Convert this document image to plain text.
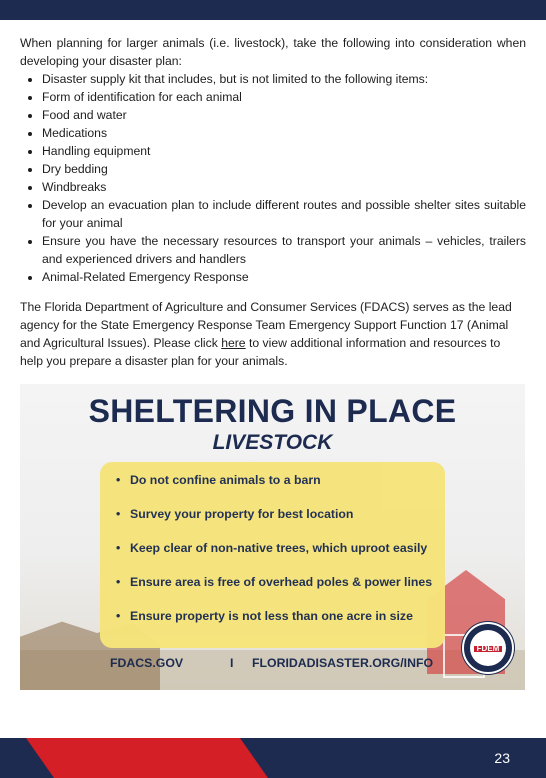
When planning for larger animals (i.e. livestock), take the following into consideration when developing your disaster plan:

• Disaster supply kit that includes, but is not limited to the following items:
• Form of identification for each animal
• Food and water
• Medications
• Handling equipment
• Dry bedding
• Windbreaks
• Develop an evacuation plan to include different routes and possible shelter sites suitable for your animal
• Ensure you have the necessary resources to transport your animals – vehicles, trailers and experienced drivers and handlers
• Animal-Related Emergency Response

The Florida Department of Agriculture and Consumer Services (FDACS) serves as the lead agency for the State Emergency Response Team Emergency Support Function 17 (Animal and Agricultural Issues). Please click here to view additional information and resources to help you prepare a disaster plan for your animals.

SHELTERING IN PLACE
LIVESTOCK
• Do not confine animals to a barn
• Survey your property for best location
• Keep clear of non-native trees, which uproot easily
• Ensure area is free of overhead poles & power lines
• Ensure property is not less than one acre in size
FDACS.GOV	I FLORIDADISASTER.ORG/INFO
FDEM
23
